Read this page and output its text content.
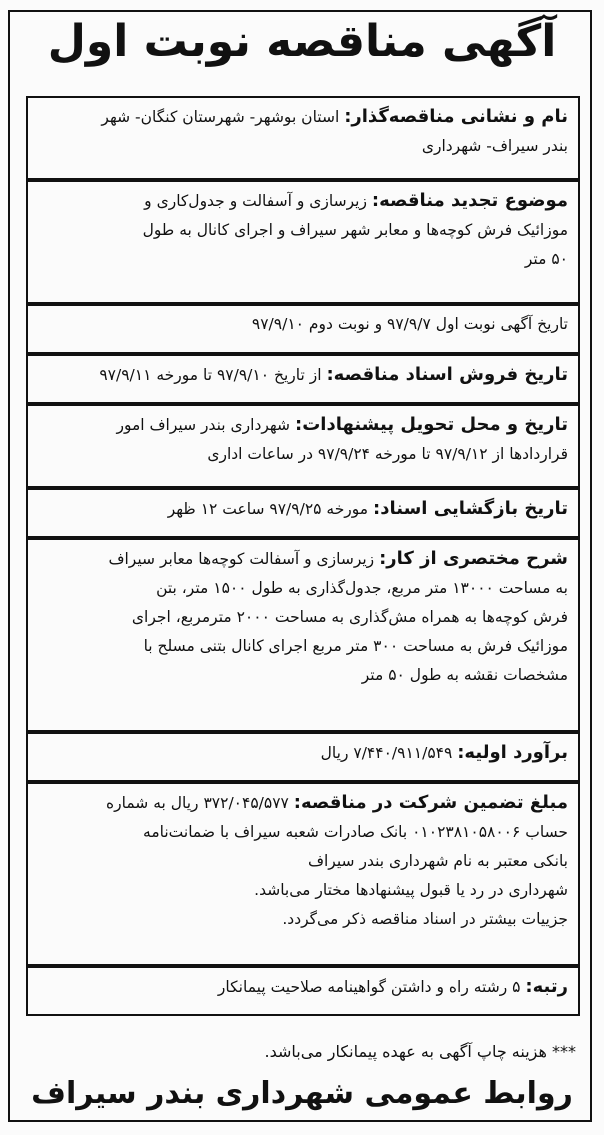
آگهی مناقصه نوبت اول
نام و نشانی مناقصه‌گذار: استان بوشهر- شهرستان کنگان- شهر
بندر سیراف- شهرداری
موضوع تجدید مناقصه: زیرسازی و آسفالت و جدول‌کاری و
موزائیک فرش کوچه‌ها و معابر شهر سیراف و اجرای کانال به طول
۵۰ متر
تاریخ آگهی نوبت اول ۹۷/۹/۷ و نوبت دوم ۹۷/۹/۱۰
تاریخ فروش اسناد مناقصه: از تاریخ ۹۷/۹/۱۰ تا مورخه ۹۷/۹/۱۱
تاریخ و محل تحویل پیشنهادات: شهرداری بندر سیراف امور
قراردادها از ۹۷/۹/۱۲ تا مورخه ۹۷/۹/۲۴ در ساعات اداری
تاریخ بازگشایی اسناد: مورخه ۹۷/۹/۲۵ ساعت ۱۲ ظهر
شرح مختصری از کار: زیرسازی و آسفالت کوچه‌ها معابر سیراف
به مساحت ۱۳۰۰۰ متر مربع، جدول‌گذاری به طول ۱۵۰۰ متر، بتن
فرش کوچه‌ها به همراه مش‌گذاری به مساحت ۲۰۰۰ مترمربع، اجرای
موزائیک فرش به مساحت ۳۰۰ متر مربع اجرای کانال بتنی مسلح با
مشخصات نقشه به طول ۵۰ متر
برآورد اولیه: ۷/۴۴۰/۹۱۱/۵۴۹ ریال
مبلغ تضمین شرکت در مناقصه: ۳۷۲/۰۴۵/۵۷۷ ریال به شماره
حساب ۰۱۰۲۳۸۱۰۵۸۰۰۶ بانک صادرات شعبه سیراف با ضمانت‌نامه
بانکی معتبر به نام شهرداری بندر سیراف
شهرداری در رد یا قبول پیشنهادها مختار می‌باشد.
جزییات بیشتر در اسناد مناقصه ذکر می‌گردد.
رتبه: ۵ رشته راه و داشتن گواهینامه صلاحیت پیمانکار
*** هزینه چاپ آگهی به عهده پیمانکار می‌باشد.
روابط عمومی شهرداری بندر سیراف
